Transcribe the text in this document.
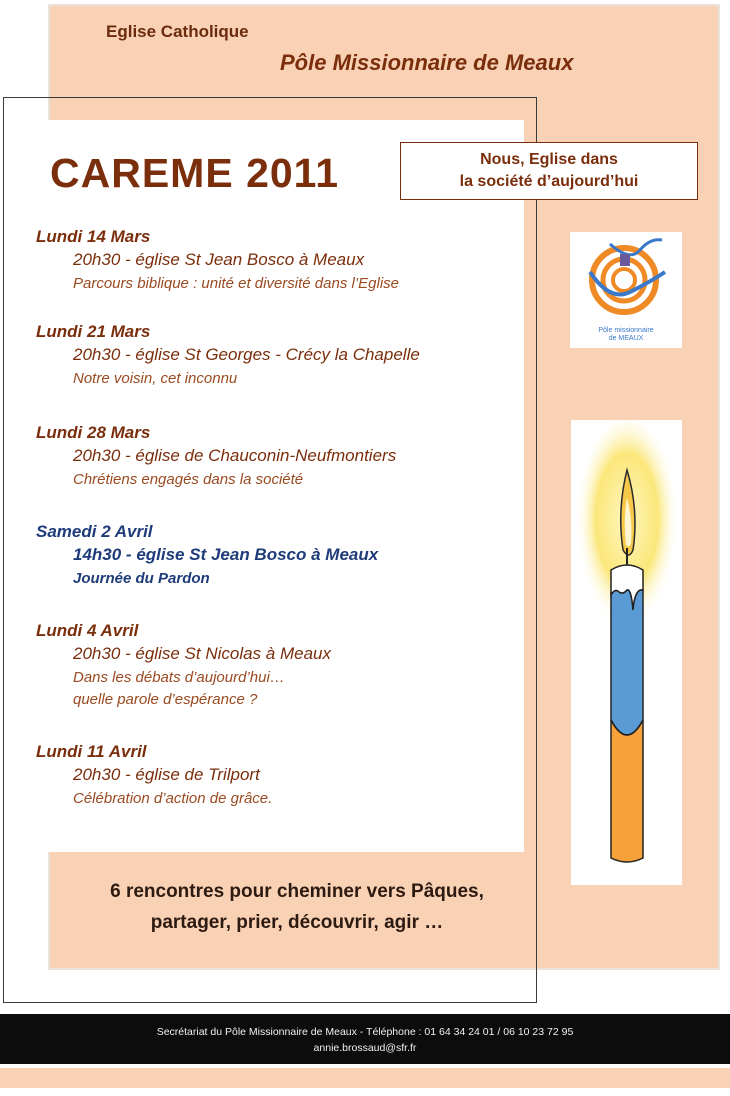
Eglise Catholique
Pôle Missionnaire de Meaux
CAREME 2011	Nous, Eglise dans
la société d’aujourd’hui
Pôle missionnaire
de MEAUX
Lundi 14 Mars
20h30 - église St Jean Bosco à Meaux
Parcours biblique : unité et diversité dans l’Eglise
Lundi 21 Mars
20h30 - église St Georges - Crécy la Chapelle
Notre voisin, cet inconnu
Lundi 28 Mars
20h30 - église de Chauconin-Neufmontiers
Chrétiens engagés dans la société
Samedi 2 Avril
14h30 - église St Jean Bosco à Meaux
Journée du Pardon
Lundi 4 Avril
20h30 - église St Nicolas à Meaux
Dans les débats d’aujourd’hui…
quelle parole d’espérance ?
Lundi 11 Avril
20h30 - église de Trilport
Célébration d’action de grâce.
6 rencontres pour cheminer vers Pâques,
partager, prier, découvrir, agir …
Secrétariat du Pôle Missionnaire de Meaux - Téléphone : 01 64 34 24 01 / 06 10 23 72 95
annie.brossaud@sfr.fr
